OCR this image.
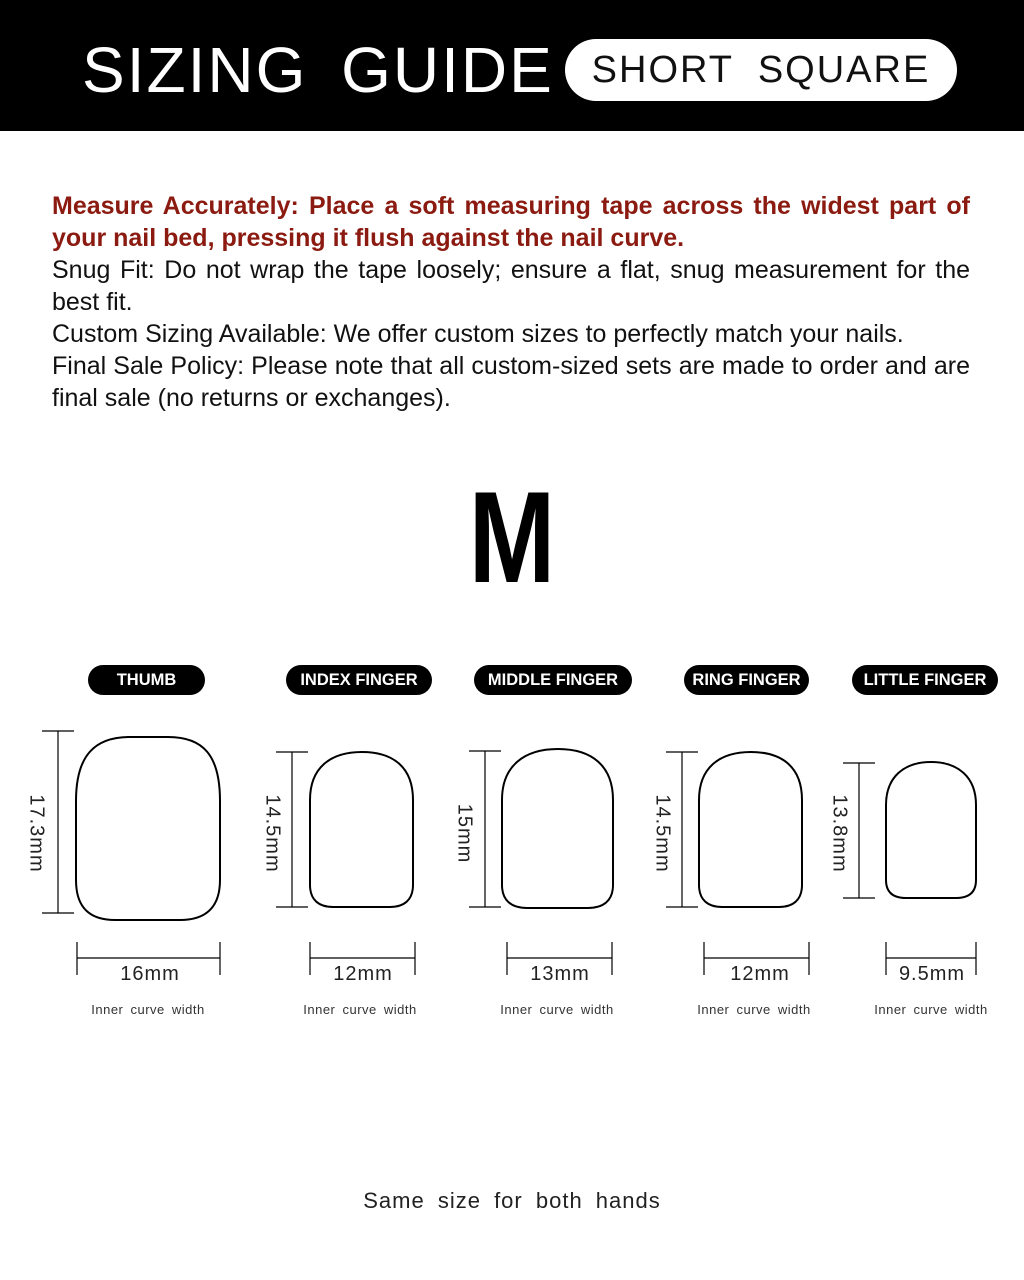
SIZING GUIDE SHORT SQUARE

Measure Accurately: Place a soft measuring tape across the widest part of your nail bed, pressing it flush against the nail curve.

Snug Fit: Do not wrap the tape loosely; ensure a flat, snug measurement for the best fit.

Custom Sizing Available: We offer custom sizes to perfectly match your nails.

Final Sale Policy: Please note that all custom-sized sets are made to order and are final sale (no returns or exchanges).

M
THUMB	INDEX FINGER	MIDDLE FINGER	RING FINGER	LITTLE FINGER
17.3mm	14.5mm	15mm	14.5mm	13.8mm
16mm	12mm	13mm	12mm	9.5mm
Inner curve width	Inner curve width	Inner curve width	Inner curve width	Inner curve width
Same size for both hands
